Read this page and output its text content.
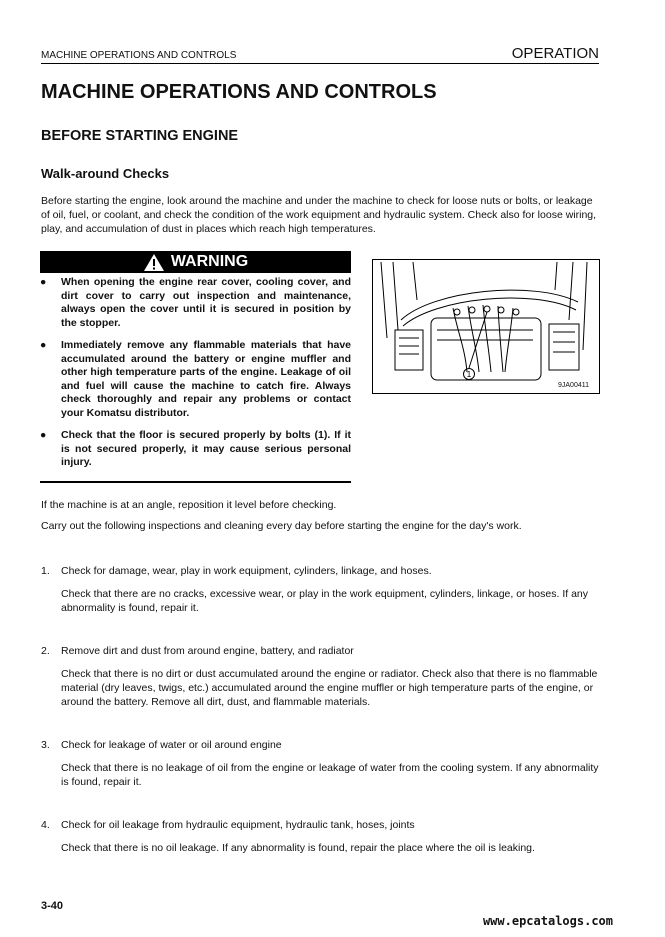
MACHINE OPERATIONS AND CONTROLS	OPERATION
MACHINE OPERATIONS AND CONTROLS
BEFORE STARTING ENGINE
Walk-around Checks
Before starting the engine, look around the machine and under the machine to check for loose nuts or bolts, or leakage of oil, fuel, or coolant, and check the condition of the work equipment and hydraulic system. Check also for loose wiring, play, and accumulation of dust in places which reach high temperatures.
WARNING
● When opening the engine rear cover, cooling cover, and dirt cover to carry out inspection and maintenance, always open the cover until it is secured in position by the stopper.
● Immediately remove any flammable materials that have accumulated around the battery or engine muffler and other high temperature parts of the engine. Leakage of oil and fuel will cause the machine to catch fire. Always check thoroughly and repair any problems or contact your Komatsu distributor.
● Check that the floor is secured properly by bolts (1). If it is not secured properly, it may cause serious personal injury.
1
9JA00411
If the machine is at an angle, reposition it level before checking.
Carry out the following inspections and cleaning every day before starting the engine for the day's work.
1. Check for damage, wear, play in work equipment, cylinders, linkage, and hoses.
Check that there are no cracks, excessive wear, or play in the work equipment, cylinders, linkage, or hoses. If any abnormality is found, repair it.
2. Remove dirt and dust from around engine, battery, and radiator
Check that there is no dirt or dust accumulated around the engine or radiator. Check also that there is no flammable material (dry leaves, twigs, etc.) accumulated around the engine muffler or high temperature parts of the engine, or around the battery. Remove all dirt, dust, and flammable materials.
3. Check for leakage of water or oil around engine
Check that there is no leakage of oil from the engine or leakage of water from the cooling system. If any abnormality is found, repair it.
4. Check for oil leakage from hydraulic equipment, hydraulic tank, hoses, joints
Check that there is no oil leakage. If any abnormality is found, repair the place where the oil is leaking.
3-40
www.epcatalogs.com
